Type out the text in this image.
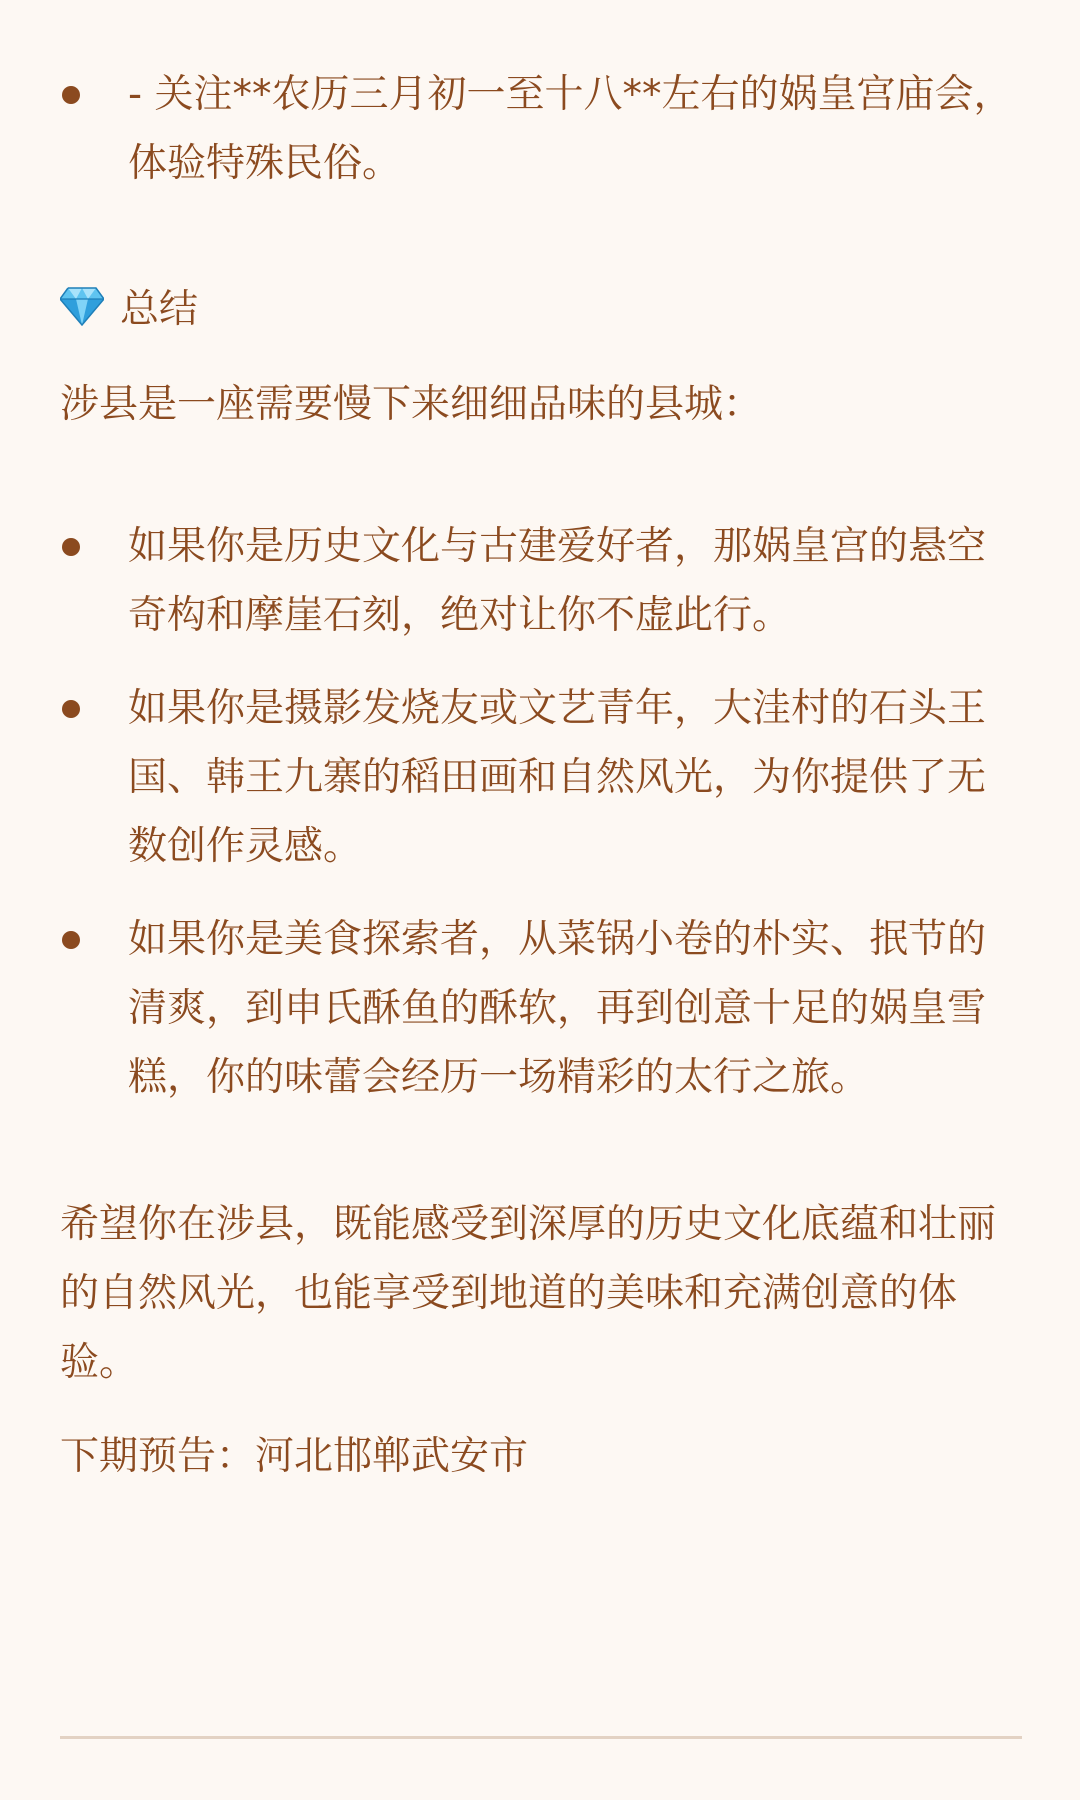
- 关注**农历三月初一至十八**左右的娲皇宫庙会，体验特殊民俗。
总结

涉县是一座需要慢下来细细品味的县城：

如果你是历史文化与古建爱好者，那娲皇宫的悬空奇构和摩崖石刻，绝对让你不虚此行。
如果你是摄影发烧友或文艺青年，大洼村的石头王国、韩王九寨的稻田画和自然风光，为你提供了无数创作灵感。
如果你是美食探索者，从菜锅小卷的朴实、抿节的清爽，到申氏酥鱼的酥软，再到创意十足的娲皇雪糕，你的味蕾会经历一场精彩的太行之旅。

希望你在涉县，既能感受到深厚的历史文化底蕴和壮丽的自然风光，也能享受到地道的美味和充满创意的体验。

下期预告：河北邯郸武安市
